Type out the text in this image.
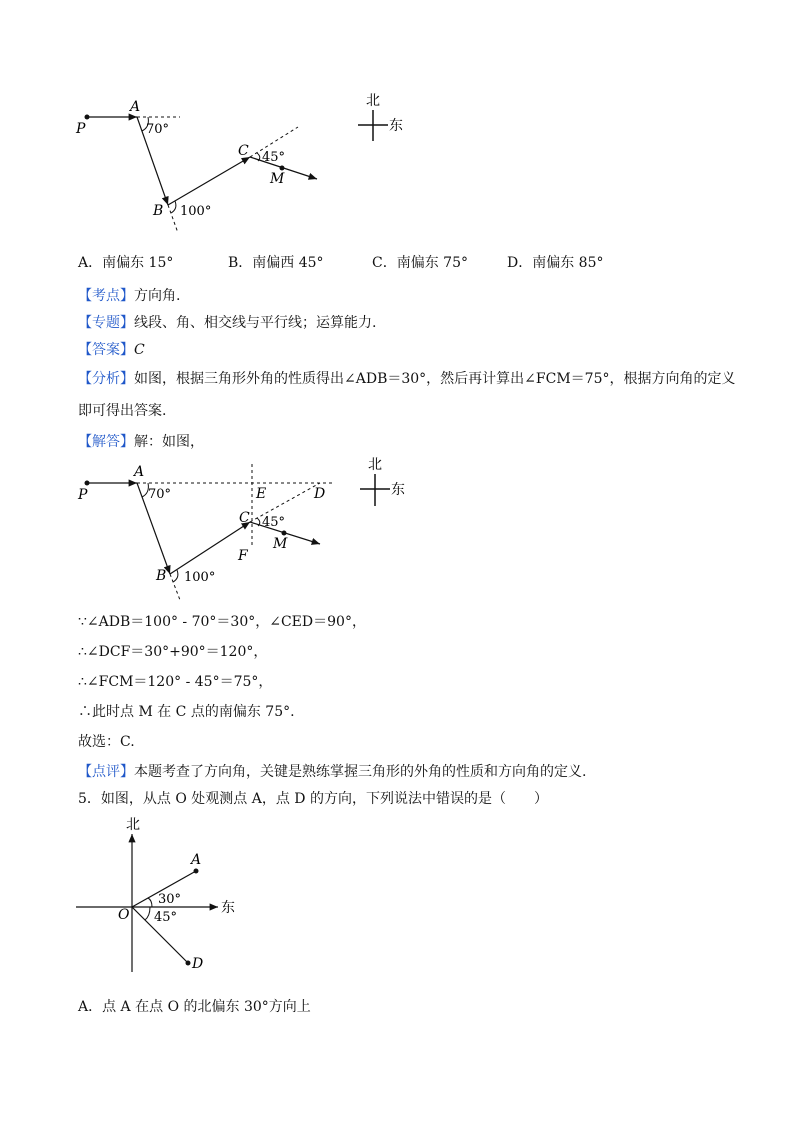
P
A
B
C
M
70°
100°
45°
北
东
A．南偏东 15°	B．南偏西 45°	C．南偏东 75°	D．南偏东 85°
【考点】方向角.
【专题】线段、角、相交线与平行线；运算能力.
【答案】C
【分析】如图，根据三角形外角的性质得出∠ADB＝30°，然后再计算出∠FCM＝75°，根据方向角的定义
即可得出答案.
【解答】解：如图，
P
A
E	D
C
F
M
B
70°
100°
45°
北
东
∵∠ADB＝100° - 70°＝30°，∠CED＝90°，
∴∠DCF＝30°+90°＝120°，
∴∠FCM＝120° - 45°＝75°，
∴此时点 M 在 C 点的南偏东 75°.
故选：C.
【点评】本题考查了方向角，关键是熟练掌握三角形的外角的性质和方向角的定义.
5．如图，从点 O 处观测点 A，点 D 的方向，下列说法中错误的是（　　）
北
东
O
A
D
30°
45°
A．点 A 在点 O 的北偏东 30°方向上
